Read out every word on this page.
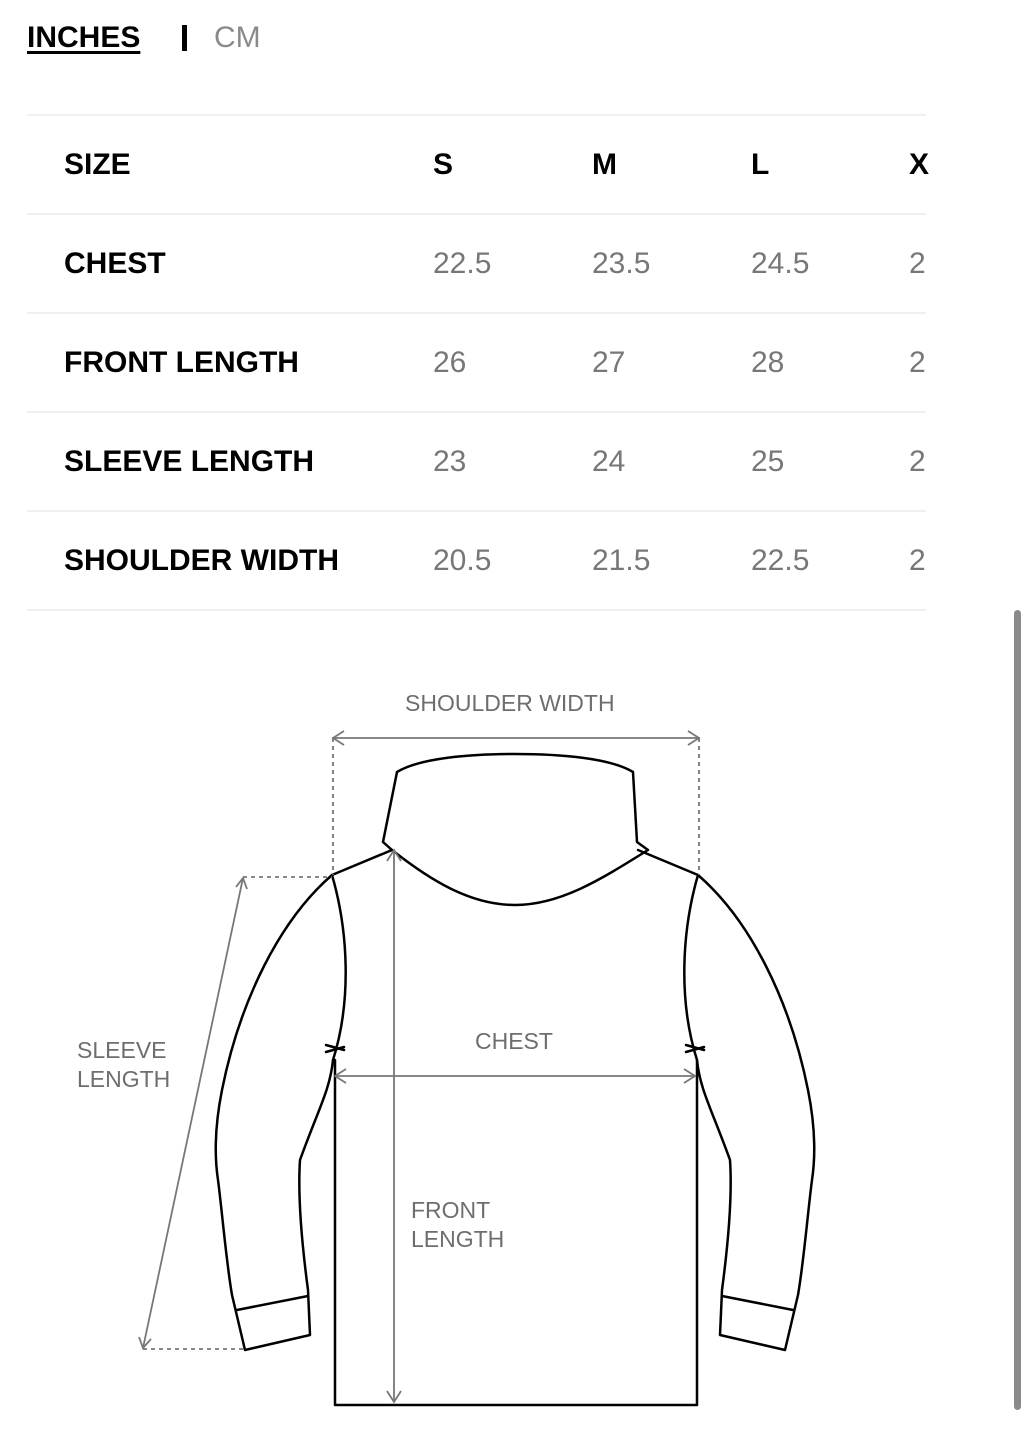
INCHES CM
SIZE	S	M	L	X
CHEST	22.5	23.5	24.5	2
FRONT LENGTH	26	27	28	2
SLEEVE LENGTH	23	24	25	2
SHOULDER WIDTH	20.5	21.5	22.5	2
SHOULDER WIDTH
CHEST
SLEEVE
LENGTH
FRONT
LENGTH
